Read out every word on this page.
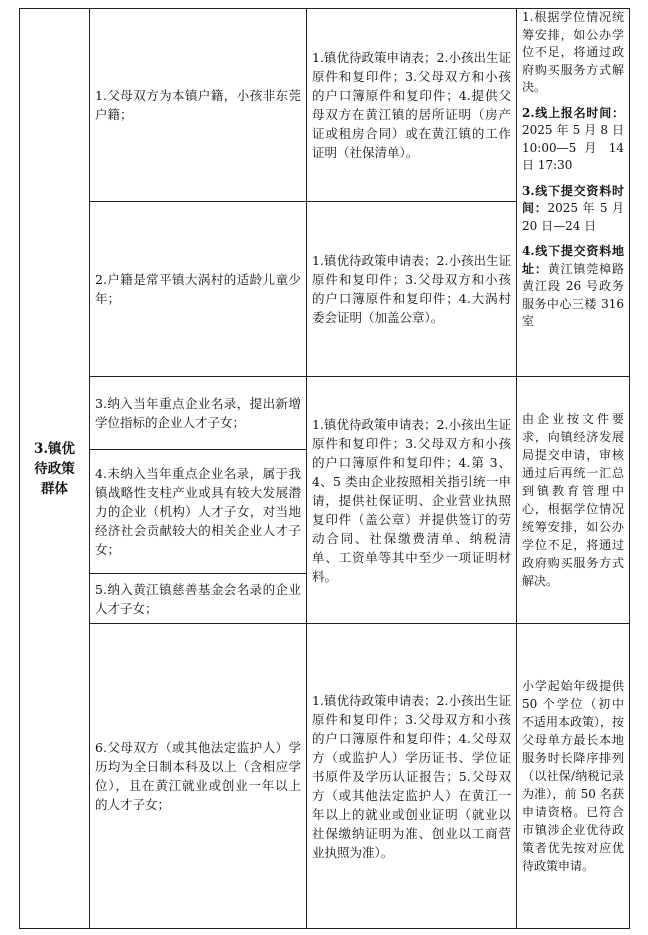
3.镇优待政策群体

1.父母双方为本镇户籍，小孩非东莞户籍；

2.户籍是常平镇大涡村的适龄儿童少年；

3.纳入当年重点企业名录，提出新增学位指标的企业人才子女；

4.未纳入当年重点企业名录，属于我镇战略性支柱产业或具有较大发展潜力的企业（机构）人才子女，对当地经济社会贡献较大的相关企业人才子女；

5.纳入黄江镇慈善基金会名录的企业人才子女；

6.父母双方（或其他法定监护人）学历均为全日制本科及以上（含相应学位），且在黄江就业或创业一年以上的人才子女；

1.镇优待政策申请表；2.小孩出生证原件和复印件；3.父母双方和小孩的户口簿原件和复印件；4.提供父母双方在黄江镇的居所证明（房产证或租房合同）或在黄江镇的工作证明（社保清单）。

1.镇优待政策申请表；2.小孩出生证原件和复印件；3.父母双方和小孩的户口簿原件和复印件；4.大涡村委会证明（加盖公章）。

1.镇优待政策申请表；2.小孩出生证原件和复印件；3.父母双方和小孩的户口簿原件和复印件；4.第 3、4、5 类由企业按照相关指引统一申请，提供社保证明、企业营业执照复印件（盖公章）并提供签订的劳动合同、社保缴费清单、纳税清单、工资单等其中至少一项证明材料。

1.镇优待政策申请表；2.小孩出生证原件和复印件；3.父母双方和小孩的户口簿原件和复印件；4.父母双方（或监护人）学历证书、学位证书原件及学历认证报告；5.父母双方（或其他法定监护人）在黄江一年以上的就业或创业证明（就业以社保缴纳证明为准、创业以工商营业执照为准）。

1.根据学位情况统筹安排，如公办学位不足，将通过政府购买服务方式解决。

2.线上报名时间：2025 年 5 月 8 日 10:00—5 月 14 日 17:30

3.线下提交资料时间：2025 年 5 月 20 日—24 日

4.线下提交资料地址：黄江镇莞樟路黄江段 26 号政务服务中心三楼 316 室

由企业按文件要求，向镇经济发展局提交申请，审核通过后再统一汇总到镇教育管理中心，根据学位情况统筹安排，如公办学位不足，将通过政府购买服务方式解决。

小学起始年级提供 50 个学位（初中不适用本政策），按父母单方最长本地服务时长降序排列（以社保/纳税记录为准），前 50 名获申请资格。已符合市镇涉企业优待政策者优先按对应优待政策申请。
